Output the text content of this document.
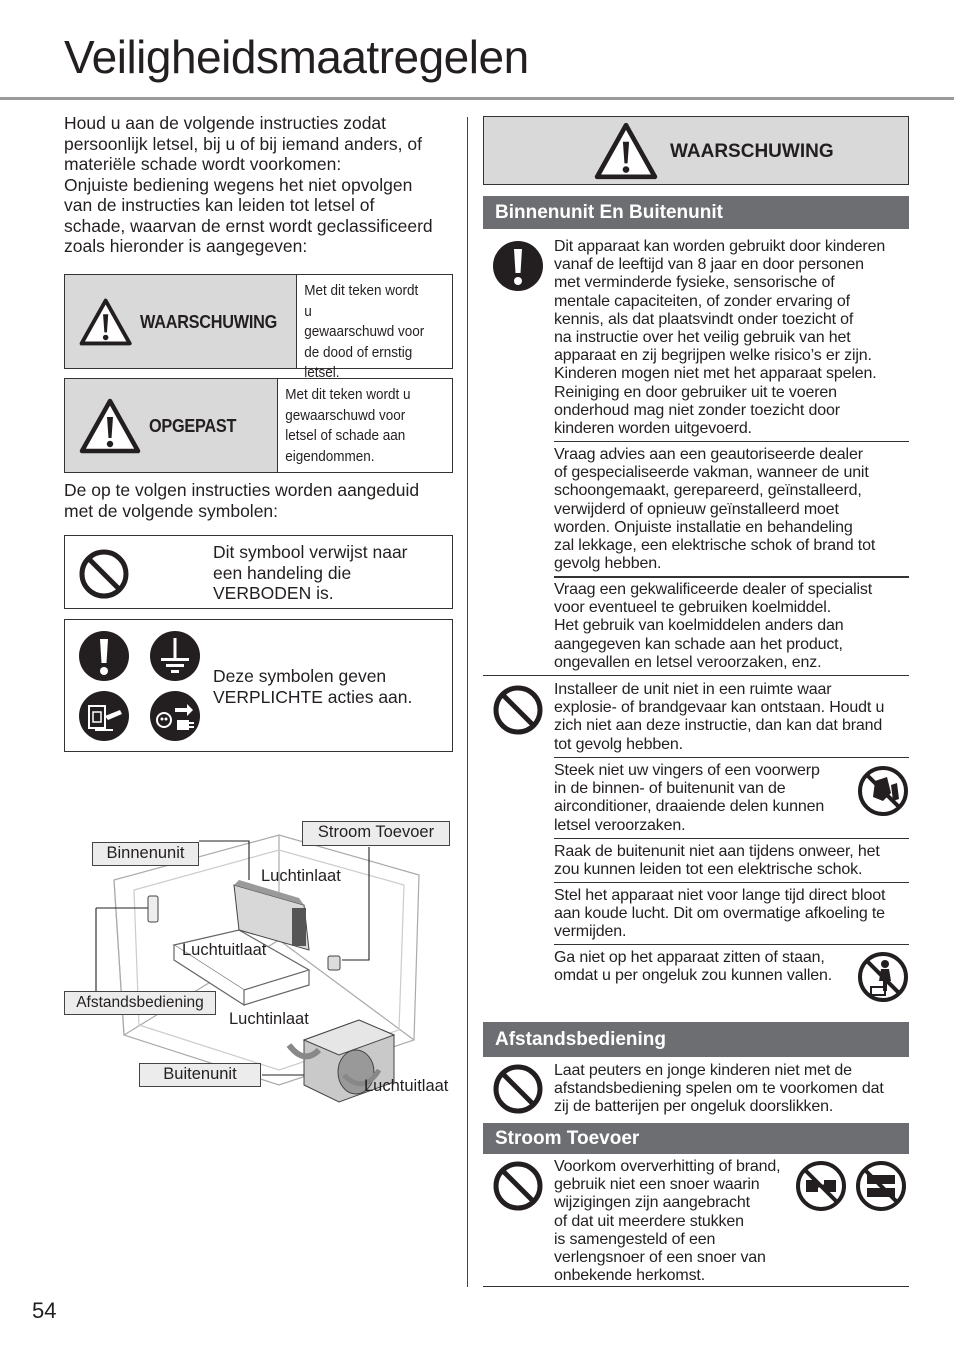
Veiligheidsmaatregelen
Houd u aan de volgende instructies zodat
persoonlijk letsel, bij u of bij iemand anders, of
materiële schade wordt voorkomen:
Onjuiste bediening wegens het niet opvolgen
van de instructies kan leiden tot letsel of
schade, waarvan de ernst wordt geclassificeerd
zoals hieronder is aangegeven:
WAARSCHUWING
Met dit teken wordt u
gewaarschuwd voor
de dood of ernstig
letsel.
OPGEPAST
Met dit teken wordt u
gewaarschuwd voor
letsel of schade aan
eigendommen.
De op te volgen instructies worden aangeduid
met de volgende symbolen:
Dit symbool verwijst naar
een handeling die
VERBODEN is.
Deze symbolen geven
VERPLICHTE acties aan.
Stroom Toevoer
Binnenunit
Luchtinlaat
Luchtuitlaat
Afstandsbediening
Luchtinlaat
Buitenunit
Luchtuitlaat
WAARSCHUWING
Binnenunit En Buitenunit
Dit apparaat kan worden gebruikt door kinderen
vanaf de leeftijd van 8 jaar en door personen
met verminderde fysieke, sensorische of
mentale capaciteiten, of zonder ervaring of
kennis, als dat plaatsvindt onder toezicht of
na instructie over het veilig gebruik van het
apparaat en zij begrijpen welke risico’s er zijn.
Kinderen mogen niet met het apparaat spelen.
Reiniging en door gebruiker uit te voeren
onderhoud mag niet zonder toezicht door
kinderen worden uitgevoerd.
Vraag advies aan een geautoriseerde dealer
of gespecialiseerde vakman, wanneer de unit
schoongemaakt, gerepareerd, geïnstalleerd,
verwijderd of opnieuw geïnstalleerd moet
worden. Onjuiste installatie en behandeling
zal lekkage, een elektrische schok of brand tot
gevolg hebben.
Vraag een gekwalificeerde dealer of specialist
voor eventueel te gebruiken koelmiddel.
Het gebruik van koelmiddelen anders dan
aangegeven kan schade aan het product,
ongevallen en letsel veroorzaken, enz.
Installeer de unit niet in een ruimte waar
explosie- of brandgevaar kan ontstaan. Houdt u
zich niet aan deze instructie, dan kan dat brand
tot gevolg hebben.
Steek niet uw vingers of een voorwerp
in de binnen- of buitenunit van de
airconditioner, draaiende delen kunnen
letsel veroorzaken.
Raak de buitenunit niet aan tijdens onweer, het
zou kunnen leiden tot een elektrische schok.
Stel het apparaat niet voor lange tijd direct bloot
aan koude lucht. Dit om overmatige afkoeling te
vermijden.
Ga niet op het apparaat zitten of staan,
omdat u per ongeluk zou kunnen vallen.
Afstandsbediening
Laat peuters en jonge kinderen niet met de
afstandsbediening spelen om te voorkomen dat
zij de batterijen per ongeluk doorslikken.
Stroom Toevoer
Voorkom oververhitting of brand,
gebruik niet een snoer waarin
wijzigingen zijn aangebracht
of dat uit meerdere stukken
is samengesteld of een
verlengsnoer of een snoer van
onbekende herkomst.
54
